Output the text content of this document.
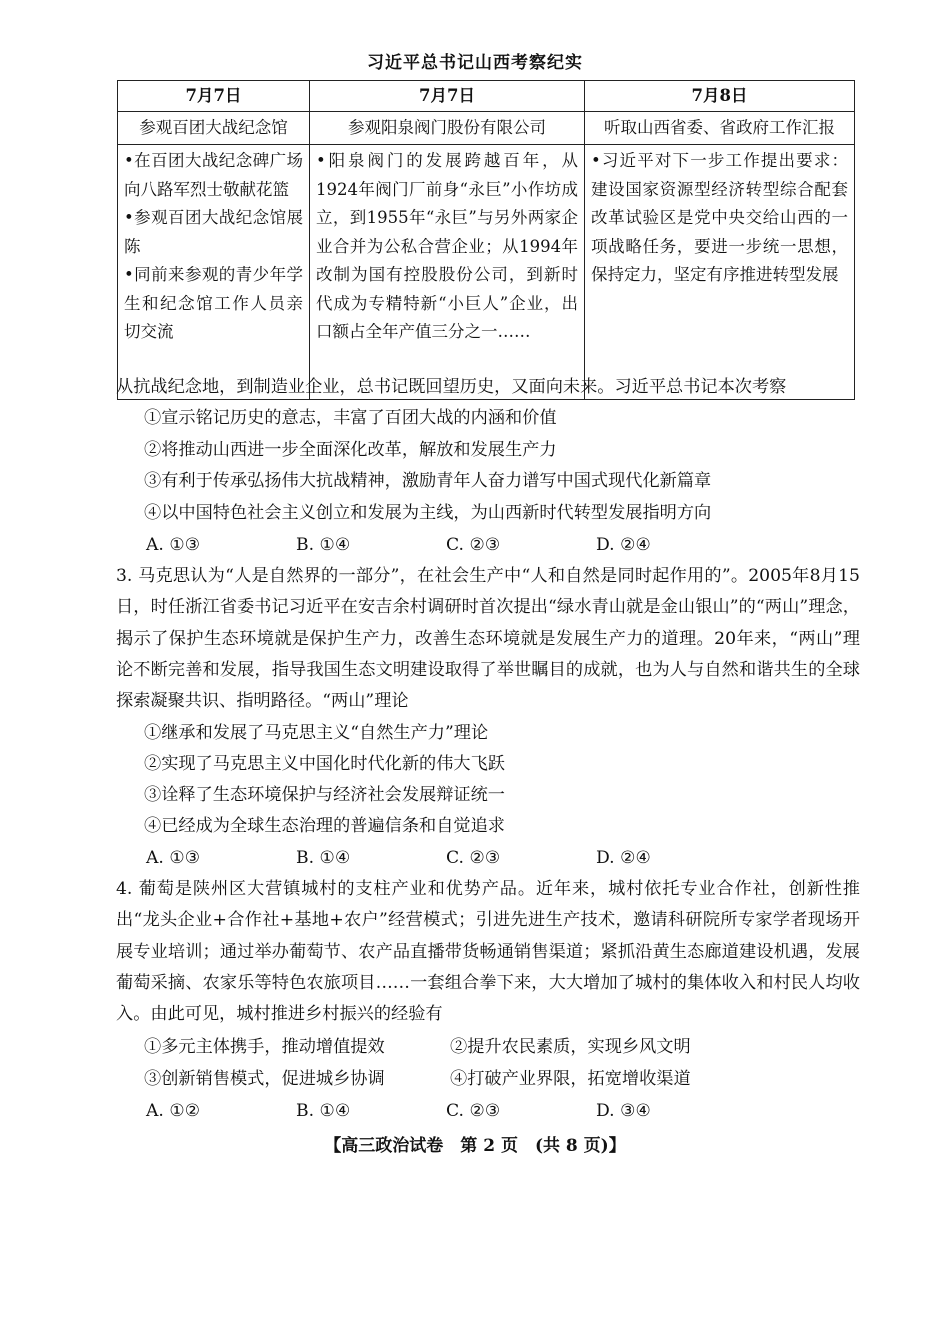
习近平总书记山西考察纪实
7月7日	7月7日	7月8日
参观百团大战纪念馆	参观阳泉阀门股份有限公司	听取山西省委、省政府工作汇报

•在百团大战纪念碑广场向八路军烈士敬献花篮
•参观百团大战纪念馆展陈
•同前来参观的青少年学生和纪念馆工作人员亲切交流	•阳泉阀门的发展跨越百年，从1924年阀门厂前身“永巨”小作坊成立，到1955年“永巨”与另外两家企业合并为公私合营企业；从1994年改制为国有控股股份公司，到新时代成为专精特新“小巨人”企业，出口额占全年产值三分之一……	•习近平对下一步工作提出要求：建设国家资源型经济转型综合配套改革试验区是党中央交给山西的一项战略任务，要进一步统一思想，保持定力，坚定有序推进转型发展
从抗战纪念地，到制造业企业，总书记既回望历史，又面向未来。习近平总书记本次考察
①宣示铭记历史的意志，丰富了百团大战的内涵和价值
②将推动山西进一步全面深化改革，解放和发展生产力
③有利于传承弘扬伟大抗战精神，激励青年人奋力谱写中国式现代化新篇章
④以中国特色社会主义创立和发展为主线，为山西新时代转型发展指明方向
A. ①③	B. ①④	C. ②③	D. ②④
3. 马克思认为“人是自然界的一部分”，在社会生产中“人和自然是同时起作用的”。2005年8月15日，时任浙江省委书记习近平在安吉余村调研时首次提出“绿水青山就是金山银山”的“两山”理念，揭示了保护生态环境就是保护生产力，改善生态环境就是发展生产力的道理。20年来，“两山”理论不断完善和发展，指导我国生态文明建设取得了举世瞩目的成就，也为人与自然和谐共生的全球探索凝聚共识、指明路径。“两山”理论
①继承和发展了马克思主义“自然生产力”理论
②实现了马克思主义中国化时代化新的伟大飞跃
③诠释了生态环境保护与经济社会发展辩证统一
④已经成为全球生态治理的普遍信条和自觉追求
A. ①③	B. ①④	C. ②③	D. ②④
4. 葡萄是陕州区大营镇城村的支柱产业和优势产品。近年来，城村依托专业合作社，创新性推出“龙头企业+合作社+基地+农户”经营模式；引进先进生产技术，邀请科研院所专家学者现场开展专业培训；通过举办葡萄节、农产品直播带货畅通销售渠道；紧抓沿黄生态廊道建设机遇，发展葡萄采摘、农家乐等特色农旅项目……一套组合拳下来，大大增加了城村的集体收入和村民人均收入。由此可见，城村推进乡村振兴的经验有
①多元主体携手，推动增值提效	②提升农民素质，实现乡风文明
③创新销售模式，促进城乡协调	④打破产业界限，拓宽增收渠道
A. ①②	B. ①④	C. ②③	D. ③④
【高三政治试卷　第 2 页　(共 8 页)】
